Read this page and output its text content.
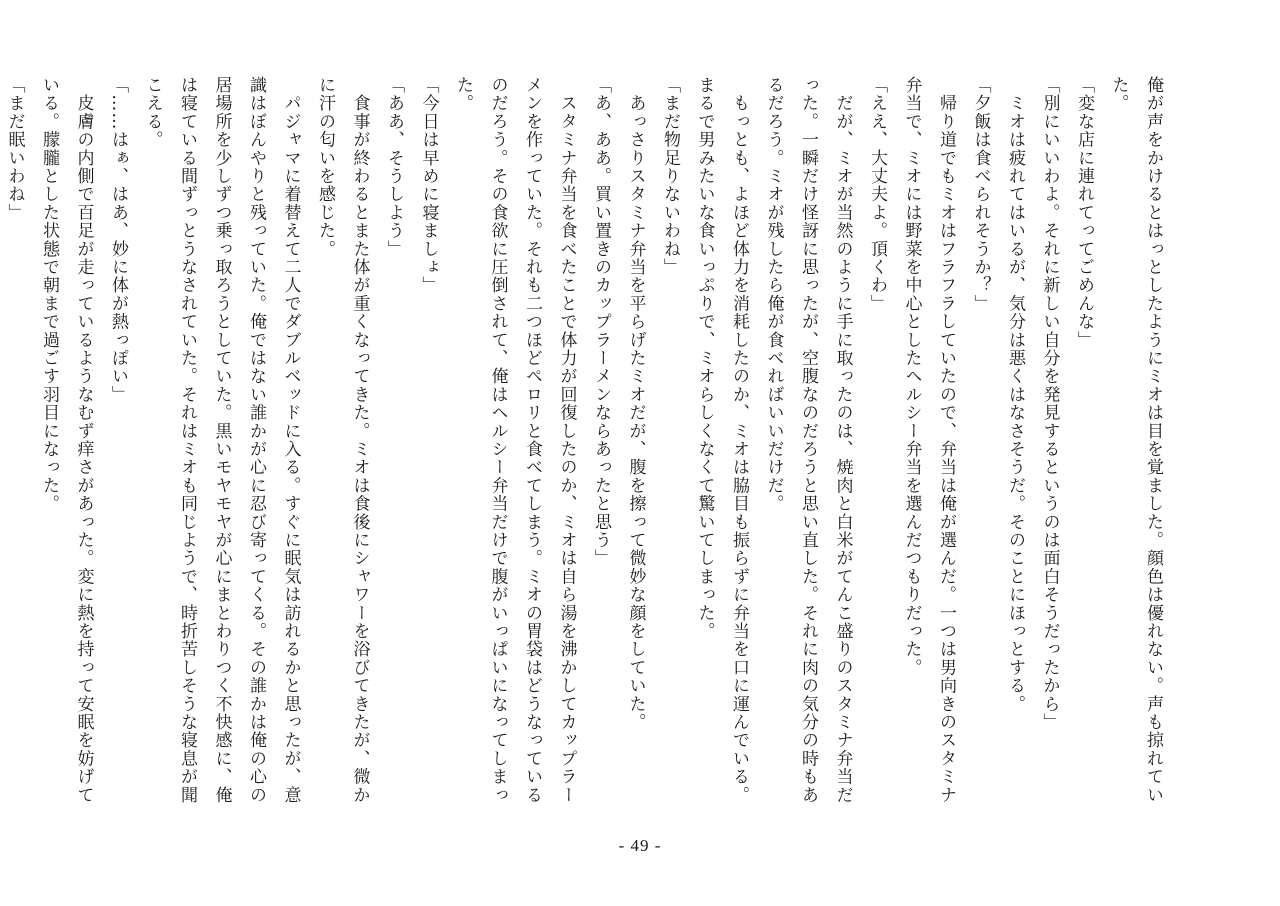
俺が声をかけるとはっとしたようにミオは目を覚ました。顔色は優れない。声も掠れていた。

「変な店に連れてってごめんな」

「別にいいわよ。それに新しい自分を発見するというのは面白そうだったから」

　ミオは疲れてはいるが、気分は悪くはなさそうだ。そのことにほっとする。

「夕飯は食べられそうか？」

　帰り道でもミオはフラフラしていたので、弁当は俺が選んだ。一つは男向きのスタミナ弁当で、ミオには野菜を中心としたヘルシー弁当を選んだつもりだった。

「ええ、大丈夫よ。頂くわ」

　だが、ミオが当然のように手に取ったのは、焼肉と白米がてんこ盛りのスタミナ弁当だった。一瞬だけ怪訝に思ったが、空腹なのだろうと思い直した。それに肉の気分の時もあるだろう。ミオが残したら俺が食べればいいだけだ。

　もっとも、よほど体力を消耗したのか、ミオは脇目も振らずに弁当を口に運んでいる。まるで男みたいな食いっぷりで、ミオらしくなくて驚いてしまった。

「まだ物足りないわね」

　あっさりスタミナ弁当を平らげたミオだが、腹を擦って微妙な顔をしていた。

「あ、ああ。買い置きのカップラーメンならあったと思う」

　スタミナ弁当を食べたことで体力が回復したのか、ミオは自ら湯を沸かしてカップラーメンを作っていた。それも二つほどペロリと食べてしまう。ミオの胃袋はどうなっているのだろう。その食欲に圧倒されて、俺はヘルシー弁当だけで腹がいっぱいになってしまった。

「今日は早めに寝ましょ」

「ああ、そうしよう」

　食事が終わるとまた体が重くなってきた。ミオは食後にシャワーを浴びてきたが、微かに汗の匂いを感じた。

　パジャマに着替えて二人でダブルベッドに入る。すぐに眠気は訪れるかと思ったが、意識はぼんやりと残っていた。俺ではない誰かが心に忍び寄ってくる。その誰かは俺の心の居場所を少しずつ乗っ取ろうとしていた。黒いモヤモヤが心にまとわりつく不快感に、俺は寝ている間ずっとうなされていた。それはミオも同じようで、時折苦しそうな寝息が聞こえる。

「……はぁ、はあ、妙に体が熱っぽい」

　皮膚の内側で百足が走っているようなむず痒さがあった。変に熱を持って安眠を妨げている。朦朧とした状態で朝まで過ごす羽目になった。

「まだ眠いわね」

- 49 -
